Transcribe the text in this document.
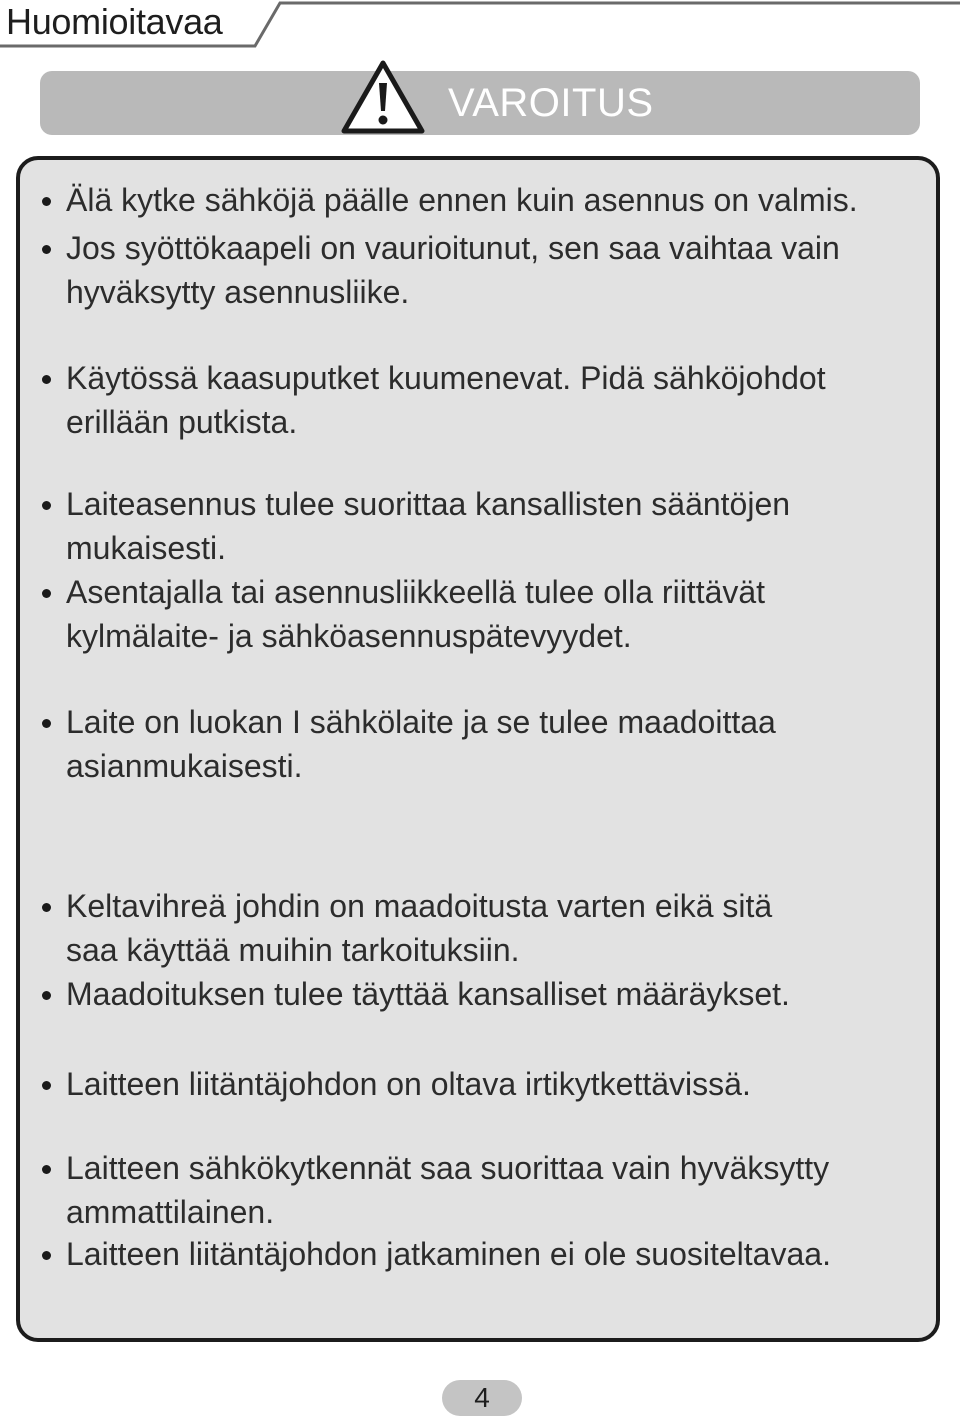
Huomioitavaa
VAROITUS
Älä kytke sähköjä päälle ennen kuin asennus on valmis.
Jos syöttökaapeli on vaurioitunut, sen saa vaihtaa vain
hyväksytty asennusliike.
Käytössä kaasuputket kuumenevat. Pidä sähköjohdot
erillään putkista.
Laiteasennus tulee suorittaa kansallisten sääntöjen
mukaisesti.
Asentajalla tai asennusliikkeellä tulee olla riittävät
kylmälaite- ja sähköasennuspätevyydet.
Laite on luokan I sähkölaite ja se tulee maadoittaa
asianmukaisesti.
Keltavihreä johdin on maadoitusta varten eikä sitä
saa käyttää muihin tarkoituksiin.
Maadoituksen tulee täyttää kansalliset määräykset.
Laitteen liitäntäjohdon on oltava irtikytkettävissä.
Laitteen sähkökytkennät saa suorittaa vain hyväksytty
ammattilainen.
Laitteen liitäntäjohdon jatkaminen ei ole suositeltavaa.
4
